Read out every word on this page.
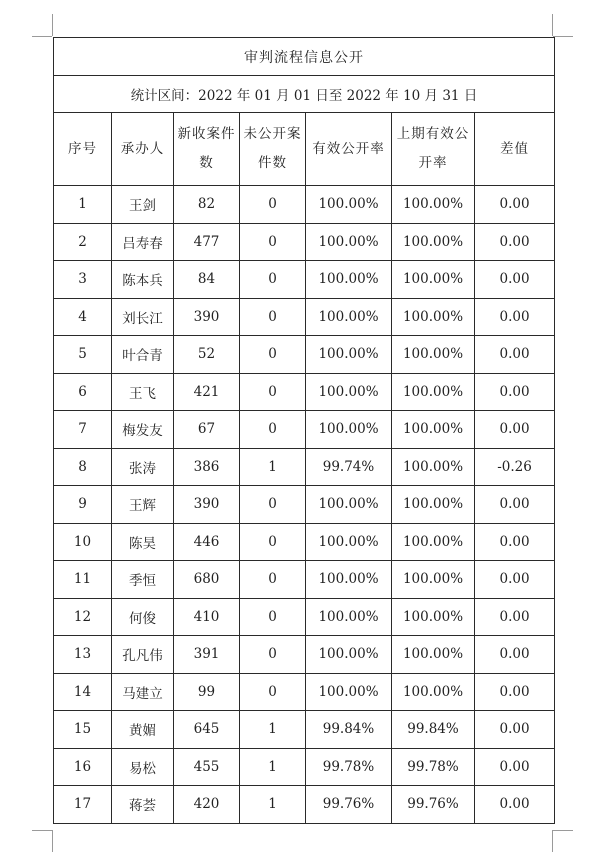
审判流程信息公开						
统计区间：2022 年 01 月 01 日至 2022 年 10 月 31 日						
序号	承办人	新收案件数	未公开案件数	有效公开率	上期有效公开率	差值
1	王剑	82	0	100.00%	100.00%	0.00
2	吕寿春	477	0	100.00%	100.00%	0.00
3	陈本兵	84	0	100.00%	100.00%	0.00
4	刘长江	390	0	100.00%	100.00%	0.00
5	叶合青	52	0	100.00%	100.00%	0.00
6	王飞	421	0	100.00%	100.00%	0.00
7	梅发友	67	0	100.00%	100.00%	0.00
8	张涛	386	1	99.74%	100.00%	-0.26
9	王辉	390	0	100.00%	100.00%	0.00
10	陈昊	446	0	100.00%	100.00%	0.00
11	季恒	680	0	100.00%	100.00%	0.00
12	何俊	410	0	100.00%	100.00%	0.00
13	孔凡伟	391	0	100.00%	100.00%	0.00
14	马建立	99	0	100.00%	100.00%	0.00
15	黄媚	645	1	99.84%	99.84%	0.00
16	易松	455	1	99.78%	99.78%	0.00
17	蒋荟	420	1	99.76%	99.76%	0.00
